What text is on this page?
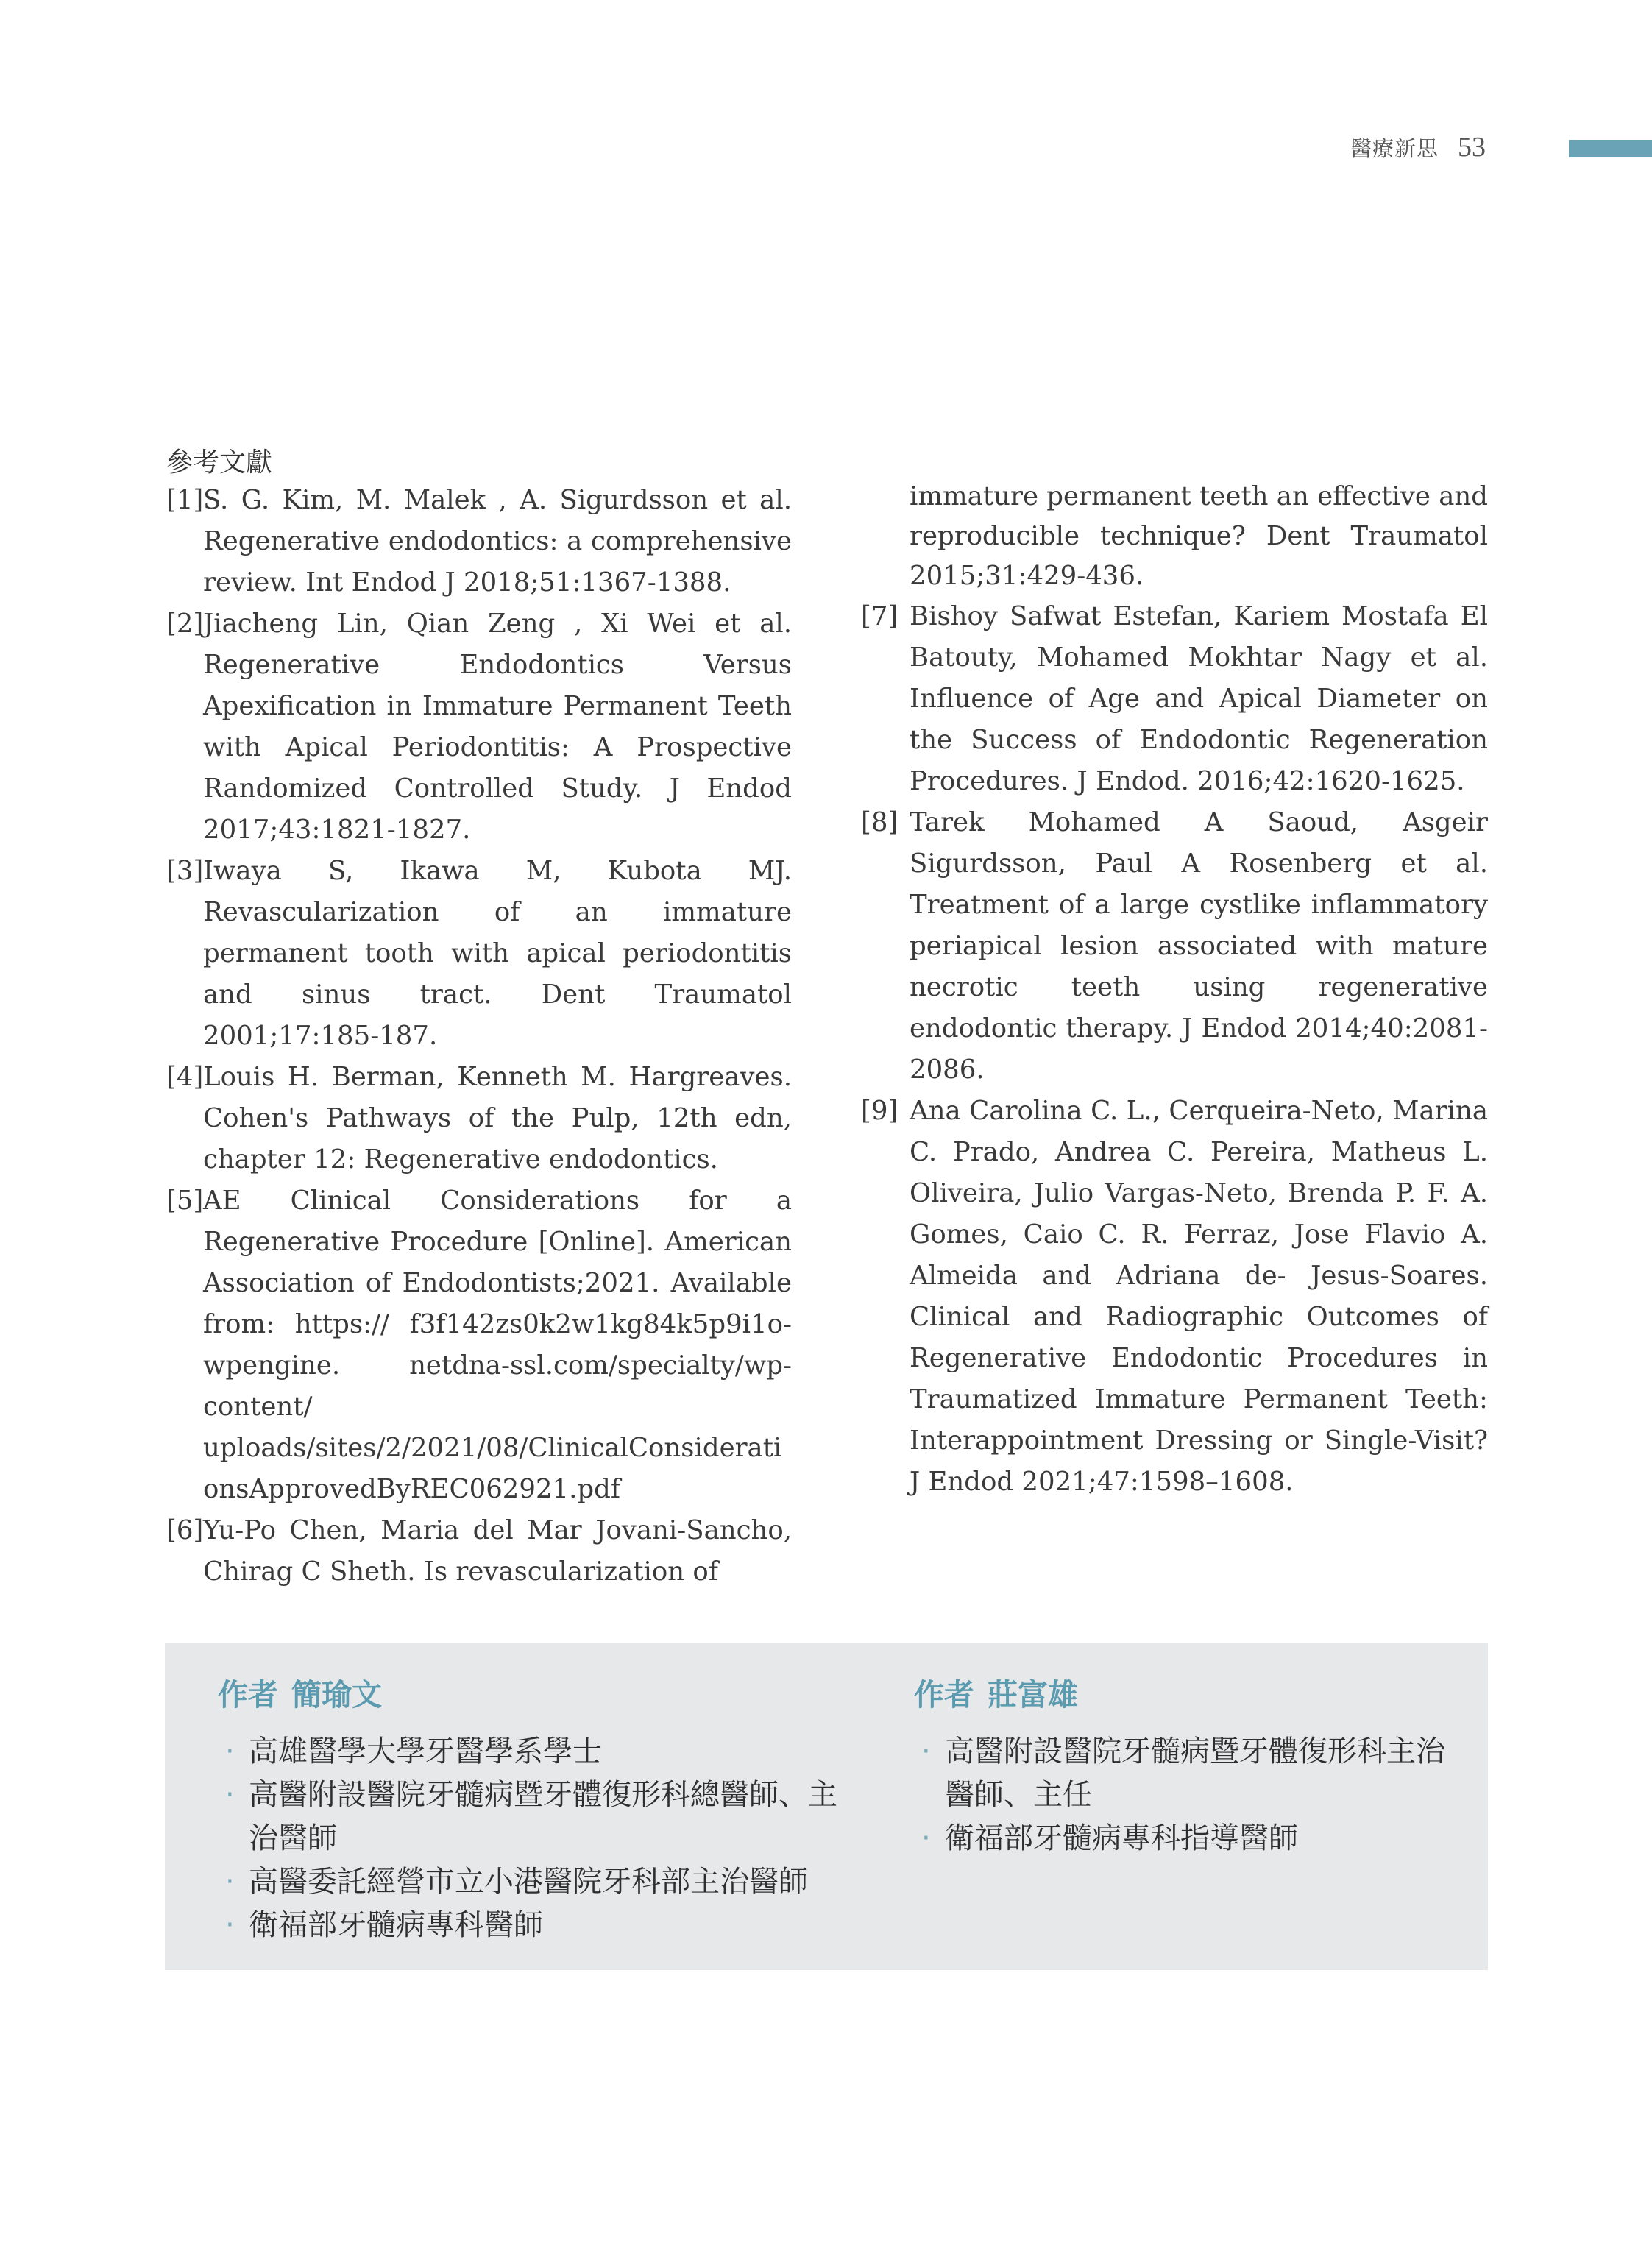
醫療新思 53
參考文獻
[1] S. G. Kim, M. Malek , A. Sigurdsson et al. Regenerative endodontics: a comprehensive review. Int Endod J 2018;51:1367-1388.
[2] Jiacheng Lin, Qian Zeng , Xi Wei et al. Regenerative Endodontics Versus Apexification in Immature Permanent Teeth with Apical Periodontitis: A Prospective Randomized Controlled Study. J Endod 2017;43:1821-1827.
[3] Iwaya S, Ikawa M, Kubota MJ. Revascularization of an immature permanent tooth with apical periodontitis and sinus tract. Dent Traumatol 2001;17:185-187.
[4] Louis H. Berman, Kenneth M. Hargreaves. Cohen's Pathways of the Pulp, 12th edn, chapter 12: Regenerative endodontics.
[5] AE Clinical Considerations for a Regenerative Procedure [Online]. American Association of Endodontists;2021. Available from: https:// f3f142zs0k2w1kg84k5p9i1o-wpengine. netdna-ssl.com/specialty/wp-content/ uploads/sites/2/2021/08/ClinicalConsiderationsApprovedByREC062921.pdf
[6] Yu-Po Chen, Maria del Mar Jovani-Sancho, Chirag C Sheth. Is revascularization of
immature permanent teeth an effective and reproducible technique? Dent Traumatol 2015;31:429-436.
[7] Bishoy Safwat Estefan, Kariem Mostafa El Batouty, Mohamed Mokhtar Nagy et al. Influence of Age and Apical Diameter on the Success of Endodontic Regeneration Procedures. J Endod. 2016;42:1620-1625.
[8] Tarek Mohamed A Saoud, Asgeir Sigurdsson, Paul A Rosenberg et al. Treatment of a large cystlike inflammatory periapical lesion associated with mature necrotic teeth using regenerative endodontic therapy. J Endod 2014;40:2081-2086.
[9] Ana Carolina C. L., Cerqueira-Neto, Marina C. Prado, Andrea C. Pereira, Matheus L. Oliveira, Julio Vargas-Neto, Brenda P. F. A. Gomes, Caio C. R. Ferraz, Jose Flavio A. Almeida and Adriana de- Jesus-Soares. Clinical and Radiographic Outcomes of Regenerative Endodontic Procedures in Traumatized Immature Permanent Teeth: Interappointment Dressing or Single-Visit? J Endod 2021;47:1598–1608.
作者 簡瑜文
· 高雄醫學大學牙醫學系學士
· 高醫附設醫院牙髓病暨牙體復形科總醫師、主治醫師
· 高醫委託經營市立小港醫院牙科部主治醫師
· 衛福部牙髓病專科醫師
作者 莊富雄
· 高醫附設醫院牙髓病暨牙體復形科主治醫師、主任
· 衛福部牙髓病專科指導醫師
